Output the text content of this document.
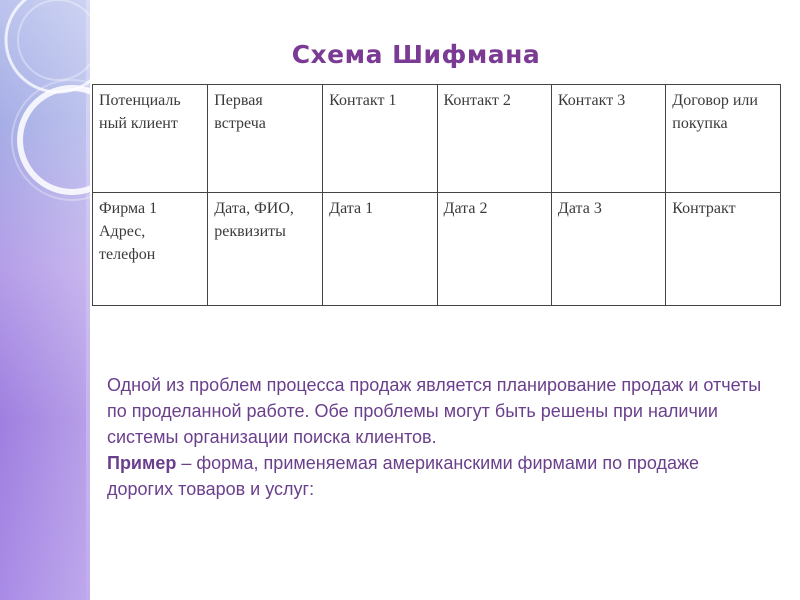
Схема Шифмана
Потенциаль ный клиент	Первая встреча	Контакт 1	Контакт 2	Контакт 3	Договор или покупка
Фирма 1 Адрес, телефон	Дата, ФИО, реквизиты	Дата 1	Дата 2	Дата 3	Контракт

Одной из проблем процесса продаж является планирование продаж и отчеты по проделанной работе. Обе проблемы могут быть решены при наличии системы организации поиска клиентов.

Пример – форма, применяемая американскими фирмами по продаже дорогих товаров и услуг:
